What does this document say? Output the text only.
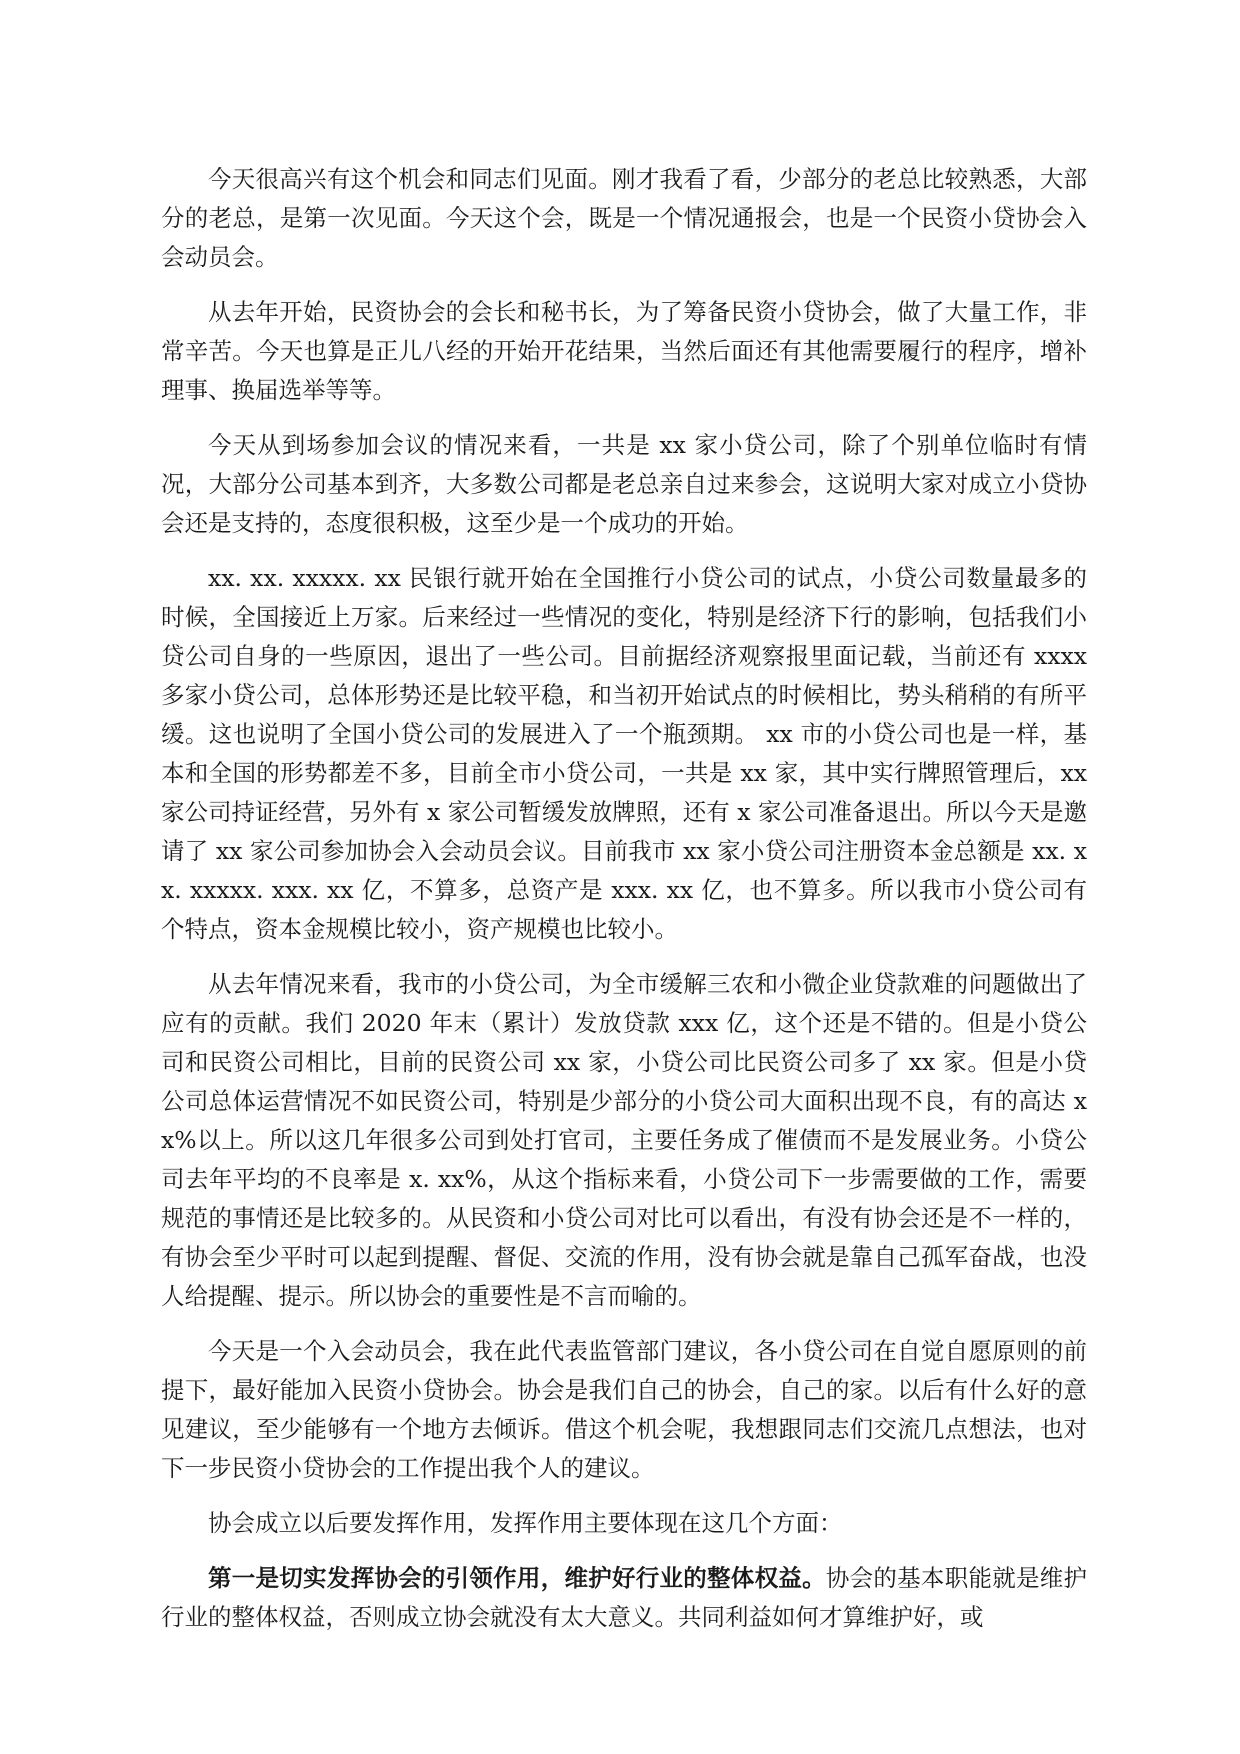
今天很高兴有这个机会和同志们见面。刚才我看了看，少部分的老总比较熟悉，大部分的老总，是第一次见面。今天这个会，既是一个情况通报会，也是一个民资小贷协会入会动员会。

从去年开始，民资协会的会长和秘书长，为了筹备民资小贷协会，做了大量工作，非常辛苦。今天也算是正儿八经的开始开花结果，当然后面还有其他需要履行的程序，增补理事、换届选举等等。

今天从到场参加会议的情况来看，一共是 xx 家小贷公司，除了个别单位临时有情况，大部分公司基本到齐，大多数公司都是老总亲自过来参会，这说明大家对成立小贷协会还是支持的，态度很积极，这至少是一个成功的开始。

xx. xx. xxxxx. xx 民银行就开始在全国推行小贷公司的试点，小贷公司数量最多的时候，全国接近上万家。后来经过一些情况的变化，特别是经济下行的影响，包括我们小贷公司自身的一些原因，退出了一些公司。目前据经济观察报里面记载，当前还有 xxxx 多家小贷公司，总体形势还是比较平稳，和当初开始试点的时候相比，势头稍稍的有所平缓。这也说明了全国小贷公司的发展进入了一个瓶颈期。 xx 市的小贷公司也是一样，基本和全国的形势都差不多，目前全市小贷公司，一共是 xx 家，其中实行牌照管理后，xx 家公司持证经营，另外有 x 家公司暂缓发放牌照，还有 x 家公司准备退出。所以今天是邀请了 xx 家公司参加协会入会动员会议。目前我市 xx 家小贷公司注册资本金总额是 xx. xx. xxxxx. xxx. xx 亿，不算多，总资产是 xxx. xx 亿，也不算多。所以我市小贷公司有个特点，资本金规模比较小，资产规模也比较小。

从去年情况来看，我市的小贷公司，为全市缓解三农和小微企业贷款难的问题做出了应有的贡献。我们 2020 年末（累计）发放贷款 xxx 亿，这个还是不错的。但是小贷公司和民资公司相比，目前的民资公司 xx 家，小贷公司比民资公司多了 xx 家。但是小贷公司总体运营情况不如民资公司，特别是少部分的小贷公司大面积出现不良，有的高达 xx%以上。所以这几年很多公司到处打官司，主要任务成了催债而不是发展业务。小贷公司去年平均的不良率是 x. xx%，从这个指标来看，小贷公司下一步需要做的工作，需要规范的事情还是比较多的。从民资和小贷公司对比可以看出，有没有协会还是不一样的，有协会至少平时可以起到提醒、督促、交流的作用，没有协会就是靠自己孤军奋战，也没人给提醒、提示。所以协会的重要性是不言而喻的。

今天是一个入会动员会，我在此代表监管部门建议，各小贷公司在自觉自愿原则的前提下，最好能加入民资小贷协会。协会是我们自己的协会，自己的家。以后有什么好的意见建议，至少能够有一个地方去倾诉。借这个机会呢，我想跟同志们交流几点想法，也对下一步民资小贷协会的工作提出我个人的建议。

协会成立以后要发挥作用，发挥作用主要体现在这几个方面：

第一是切实发挥协会的引领作用，维护好行业的整体权益。协会的基本职能就是维护行业的整体权益，否则成立协会就没有太大意义。共同利益如何才算维护好，或
